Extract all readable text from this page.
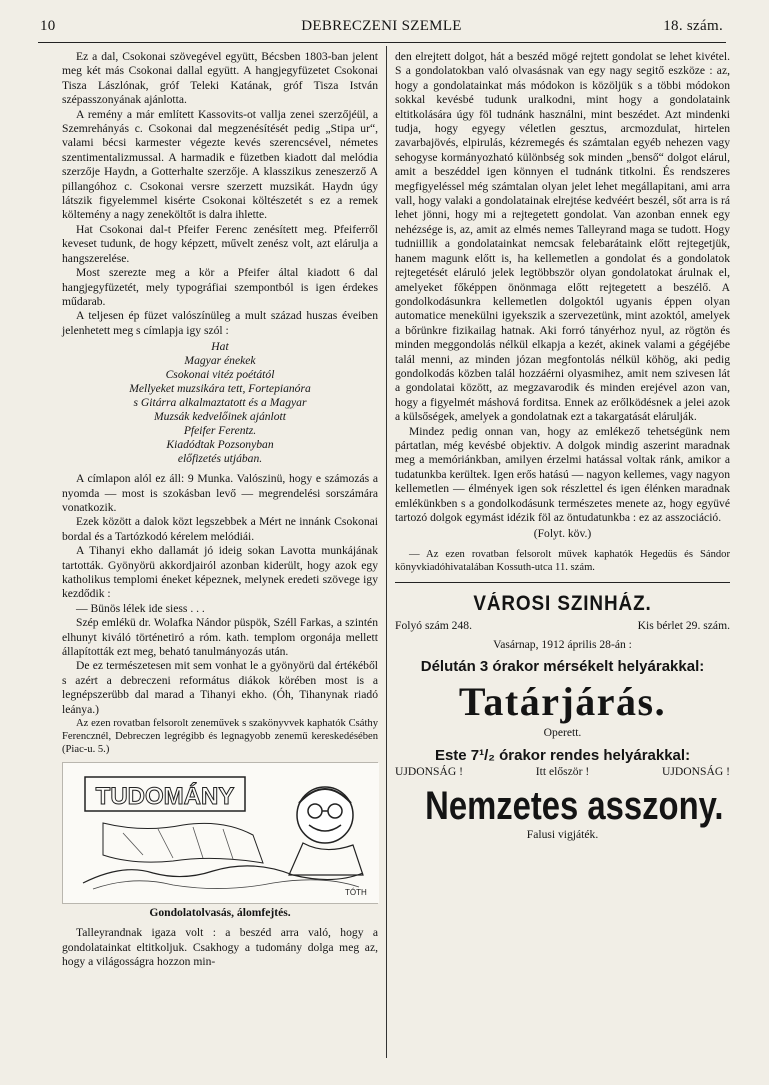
10	DEBRECZENI SZEMLE	18. szám.

Ez a dal, Csokonai szövegével együtt, Bécsben 1803-ban jelent meg két más Csokonai dallal együtt. A hangjegyfüzetet Csokonai Tisza Lászlónak, gróf Teleki Katának, gróf Tisza István szépasszonyának ajánlotta.

A remény a már említett Kassovits-ot vallja zenei szerzőjéül, a Szemrehányás c. Csokonai dal megzenésítését pedig „Stipa ur“, valami bécsi karmester végezte kevés szerencsével, németes szentimentalizmussal. A harmadik e füzetben kiadott dal melódia szerzője Haydn, a Gotterhalte szerzője. A klasszikus zeneszerző A pillangóhoz c. Csokonai versre szerzett muzsikát. Haydn úgy látszik figyelemmel kisérte Csokonai költészetét s ez a remek költemény a nagy zeneköltőt is dalra ihlette.

Hat Csokonai dal-t Pfeifer Ferenc zenésített meg. Pfeiferről keveset tudunk, de hogy képzett, művelt zenész volt, azt elárulja a hangszerelése.

Most szerezte meg a kör a Pfeifer által kiadott 6 dal hangjegyfüzetét, mely typográfiai szempontból is igen érdekes műdarab.

A teljesen ép füzet valószínüleg a mult század huszas éveiben jelenhetett meg s címlapja igy szól :

Hat
Magyar énekek
Csokonai vitéz poétától
Mellyeket muzsikára tett, Fortepianóra
s Gitárra alkalmaztatott és a Magyar
Muzsák kedvelőinek ajánlott
Pfeifer Ferentz.
Kiadódtak Pozsonyban
előfizetés utjában.

A címlapon alól ez áll: 9 Munka. Valószinü, hogy e számozás a nyomda — most is szokásban levő — megrendelési sorszámára vonatkozik.

Ezek között a dalok közt legszebbek a Mért ne innánk Csokonai bordal és a Tartózkodó kérelem melódiái.

A Tihanyi ekho dallamát jó ideig sokan Lavotta munkájának tartották. Gyönyörü akkordjairól azonban kiderült, hogy azok egy katholikus templomi éneket képeznek, melynek eredeti szövege igy kezdődik :

— Bünös lélek ide siess . . .

Szép emlékü dr. Wolafka Nándor püspök, Széll Farkas, a szintén elhunyt kiváló történetiró a róm. kath. templom orgonája mellett állapították ezt meg, beható tanulmányozás után.

De ez természetesen mit sem vonhat le a gyönyörü dal értékéből s azért a debreczeni református diákok körében most is a legnépszerübb dal marad a Tihanyi ekho. (Óh, Tihanynak riadó leánya.)

Az ezen rovatban felsorolt zeneművek s szakönyvvek kaphatók Csáthy Ferencznél, Debreczen legrégibb és legnagyobb zenemű kereskedésében (Piac-u. 5.)

TUDOMÁNY
TÓTH

Gondolatolvasás, álomfejtés.

Talleyrandnak igaza volt : a beszéd arra való, hogy a gondolatainkat eltitkoljuk. Csakhogy a tudomány dolga meg az, hogy a világosságra hozzon min-

den elrejtett dolgot, hát a beszéd mögé rejtett gondolat se lehet kivétel. S a gondolatokban való olvasásnak van egy nagy segitő eszköze : az, hogy a gondolatainkat más módokon is közöljük s a többi módokon sokkal kevésbé tudunk uralkodni, mint hogy a gondolataink eltitkolására úgy föl tudnánk használni, mint beszédet. Azt mindenki tudja, hogy egyegy véletlen gesztus, arcmozdulat, hirtelen zavarbajövés, elpirulás, kézremegés és számtalan egyéb nehezen vagy sehogyse kormányozható különbség sok minden „benső“ dolgot elárul, amit a beszéddel igen könnyen el tudnánk titkolni. És rendszeres megfigyeléssel még számtalan olyan jelet lehet megállapitani, ami arra vall, hogy valaki a gondolatainak elrejtése kedvéért beszél, sőt arra is rá lehet jönni, hogy mi a rejtegetett gondolat. Van azonban ennek egy nehézsége is, az, amit az elmés nemes Talleyrand maga se tudott. Hogy tudniillik a gondolatainkat nemcsak felebarátaink előtt rejtegetjük, hanem magunk előtt is, ha kellemetlen a gondolat és a gondolatok rejtegetését eláruló jelek legtöbbször olyan gondolatokat árulnak el, amelyeket főképpen önönmaga előtt rejtegetett a beszélő. A gondolkodásunkra kellemetlen dolgoktól ugyanis éppen olyan automatice menekülni igyekszik a szervezetünk, mint azoktól, amelyek a bőrünkre fizikailag hatnak. Aki forró tányérhoz nyul, az rögtön és minden meggondolás nélkül elkapja a kezét, akinek valami a gégéjébe talál menni, az minden józan megfontolás nélkül köhög, aki pedig gondolkodás közben talál hozzáérni olyasmihez, amit nem szivesen lát a gondolatai között, az megzavarodik és minden erejével azon van, hogy a figyelmét máshová forditsa. Ennek az erőlködésnek a jelei azok a külsőségek, amelyek a gondolatnak ezt a takargatását elárulják.

Mindez pedig onnan van, hogy az emlékező tehetségünk nem pártatlan, még kevésbé objektiv. A dolgok mindig aszerint maradnak meg a memóriánkban, amilyen érzelmi hatással voltak ránk, amikor a tudatunkba kerültek. Igen erős hatású — nagyon kellemes, vagy nagyon kellemetlen — élmények igen sok részlettel és igen élénken maradnak emlékünkben s a gondolkodásunk természetes menete az, hogy együvé tartozó dolgok egymást idézik föl az öntudatunkba : ez az asszociáció.

(Folyt. köv.)

— Az ezen rovatban felsorolt művek kaphatók Hegedüs és Sándor könyvkiadóhivatalában Kossuth-utca 11. szám.

VÁROSI SZINHÁZ.
Folyó szám 248.	Kis bérlet 29. szám.
Vasárnap, 1912 április 28-án :
Délután 3 órakor mérsékelt helyárakkal:
Tatárjárás.
Operett.
Este 7¹/₂ órakor rendes helyárakkal:
UJDONSÁG !	Itt először !	UJDONSÁG !
Nemzetes asszony.
Falusi vigjáték.
